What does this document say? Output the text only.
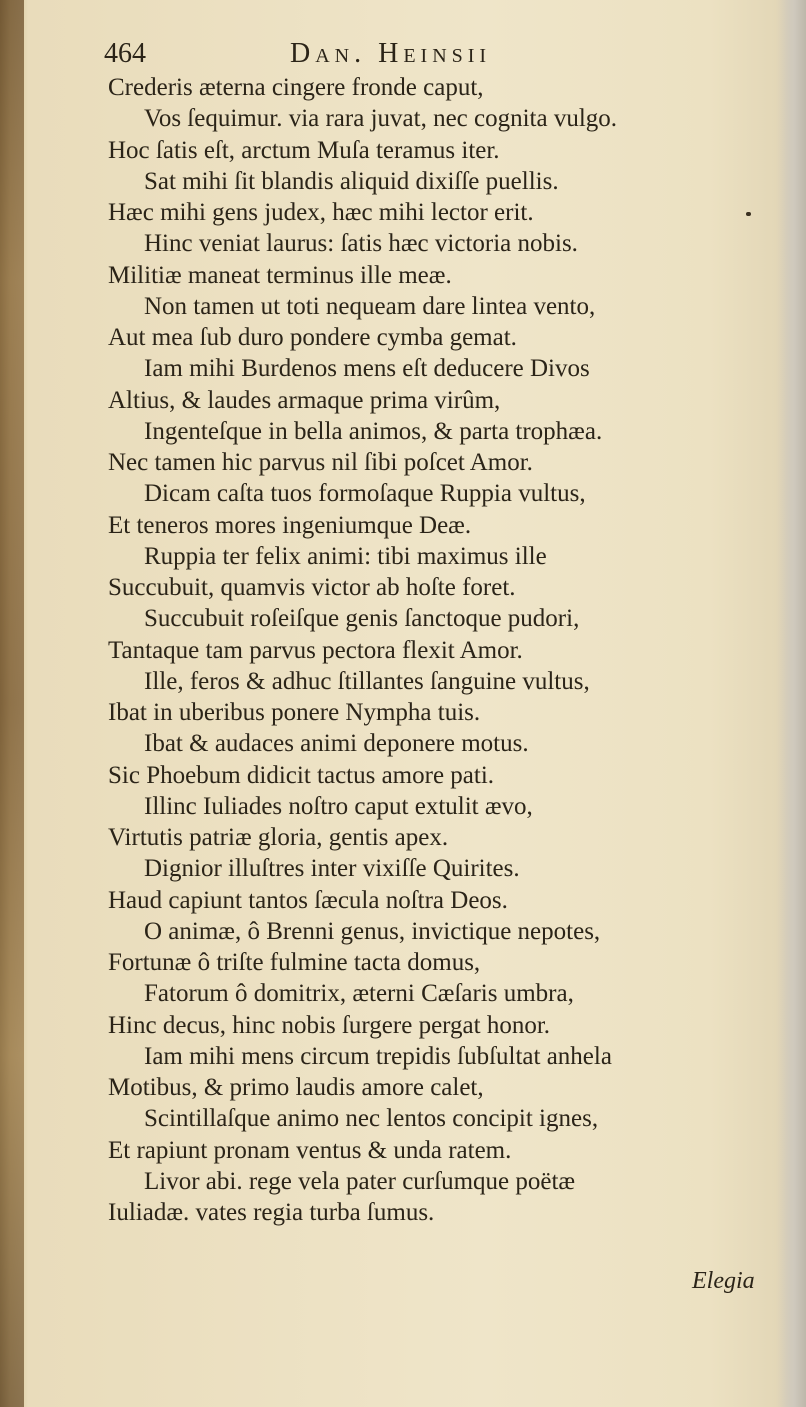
464	Dan. Heinsii
Crederis æterna cingere fronde caput,
Vos ſequimur. via rara juvat, nec cognita vulgo.
Hoc ſatis eſt, arctum Muſa teramus iter.
Sat mihi ſit blandis aliquid dixiſſe puellis.
Hæc mihi gens judex, hæc mihi lector erit.
Hinc veniat laurus: ſatis hæc victoria nobis.
Militiæ maneat terminus ille meæ.
Non tamen ut toti nequeam dare lintea vento,
Aut mea ſub duro pondere cymba gemat.
Iam mihi Burdenos mens eſt deducere Divos
Altius, & laudes armaque prima virûm,
Ingenteſque in bella animos, & parta trophæa.
Nec tamen hic parvus nil ſibi poſcet Amor.
Dicam caſta tuos formoſaque Ruppia vultus,
Et teneros mores ingeniumque Deæ.
Ruppia ter felix animi: tibi maximus ille
Succubuit, quamvis victor ab hoſte foret.
Succubuit roſeiſque genis ſanctoque pudori,
Tantaque tam parvus pectora flexit Amor.
Ille, feros & adhuc ſtillantes ſanguine vultus,
Ibat in uberibus ponere Nympha tuis.
Ibat & audaces animi deponere motus.
Sic Phoebum didicit tactus amore pati.
Illinc Iuliades noſtro caput extulit ævo,
Virtutis patriæ gloria, gentis apex.
Dignior illuſtres inter vixiſſe Quirites.
Haud capiunt tantos ſæcula noſtra Deos.
O animæ, ô Brenni genus, invictique nepotes,
Fortunæ ô triſte fulmine tacta domus,
Fatorum ô domitrix, æterni Cæſaris umbra,
Hinc decus, hinc nobis ſurgere pergat honor.
Iam mihi mens circum trepidis ſubſultat anhela
Motibus, & primo laudis amore calet,
Scintillaſque animo nec lentos concipit ignes,
Et rapiunt pronam ventus & unda ratem.
Livor abi. rege vela pater curſumque poëtæ
Iuliadæ. vates regia turba ſumus.
Elegia
